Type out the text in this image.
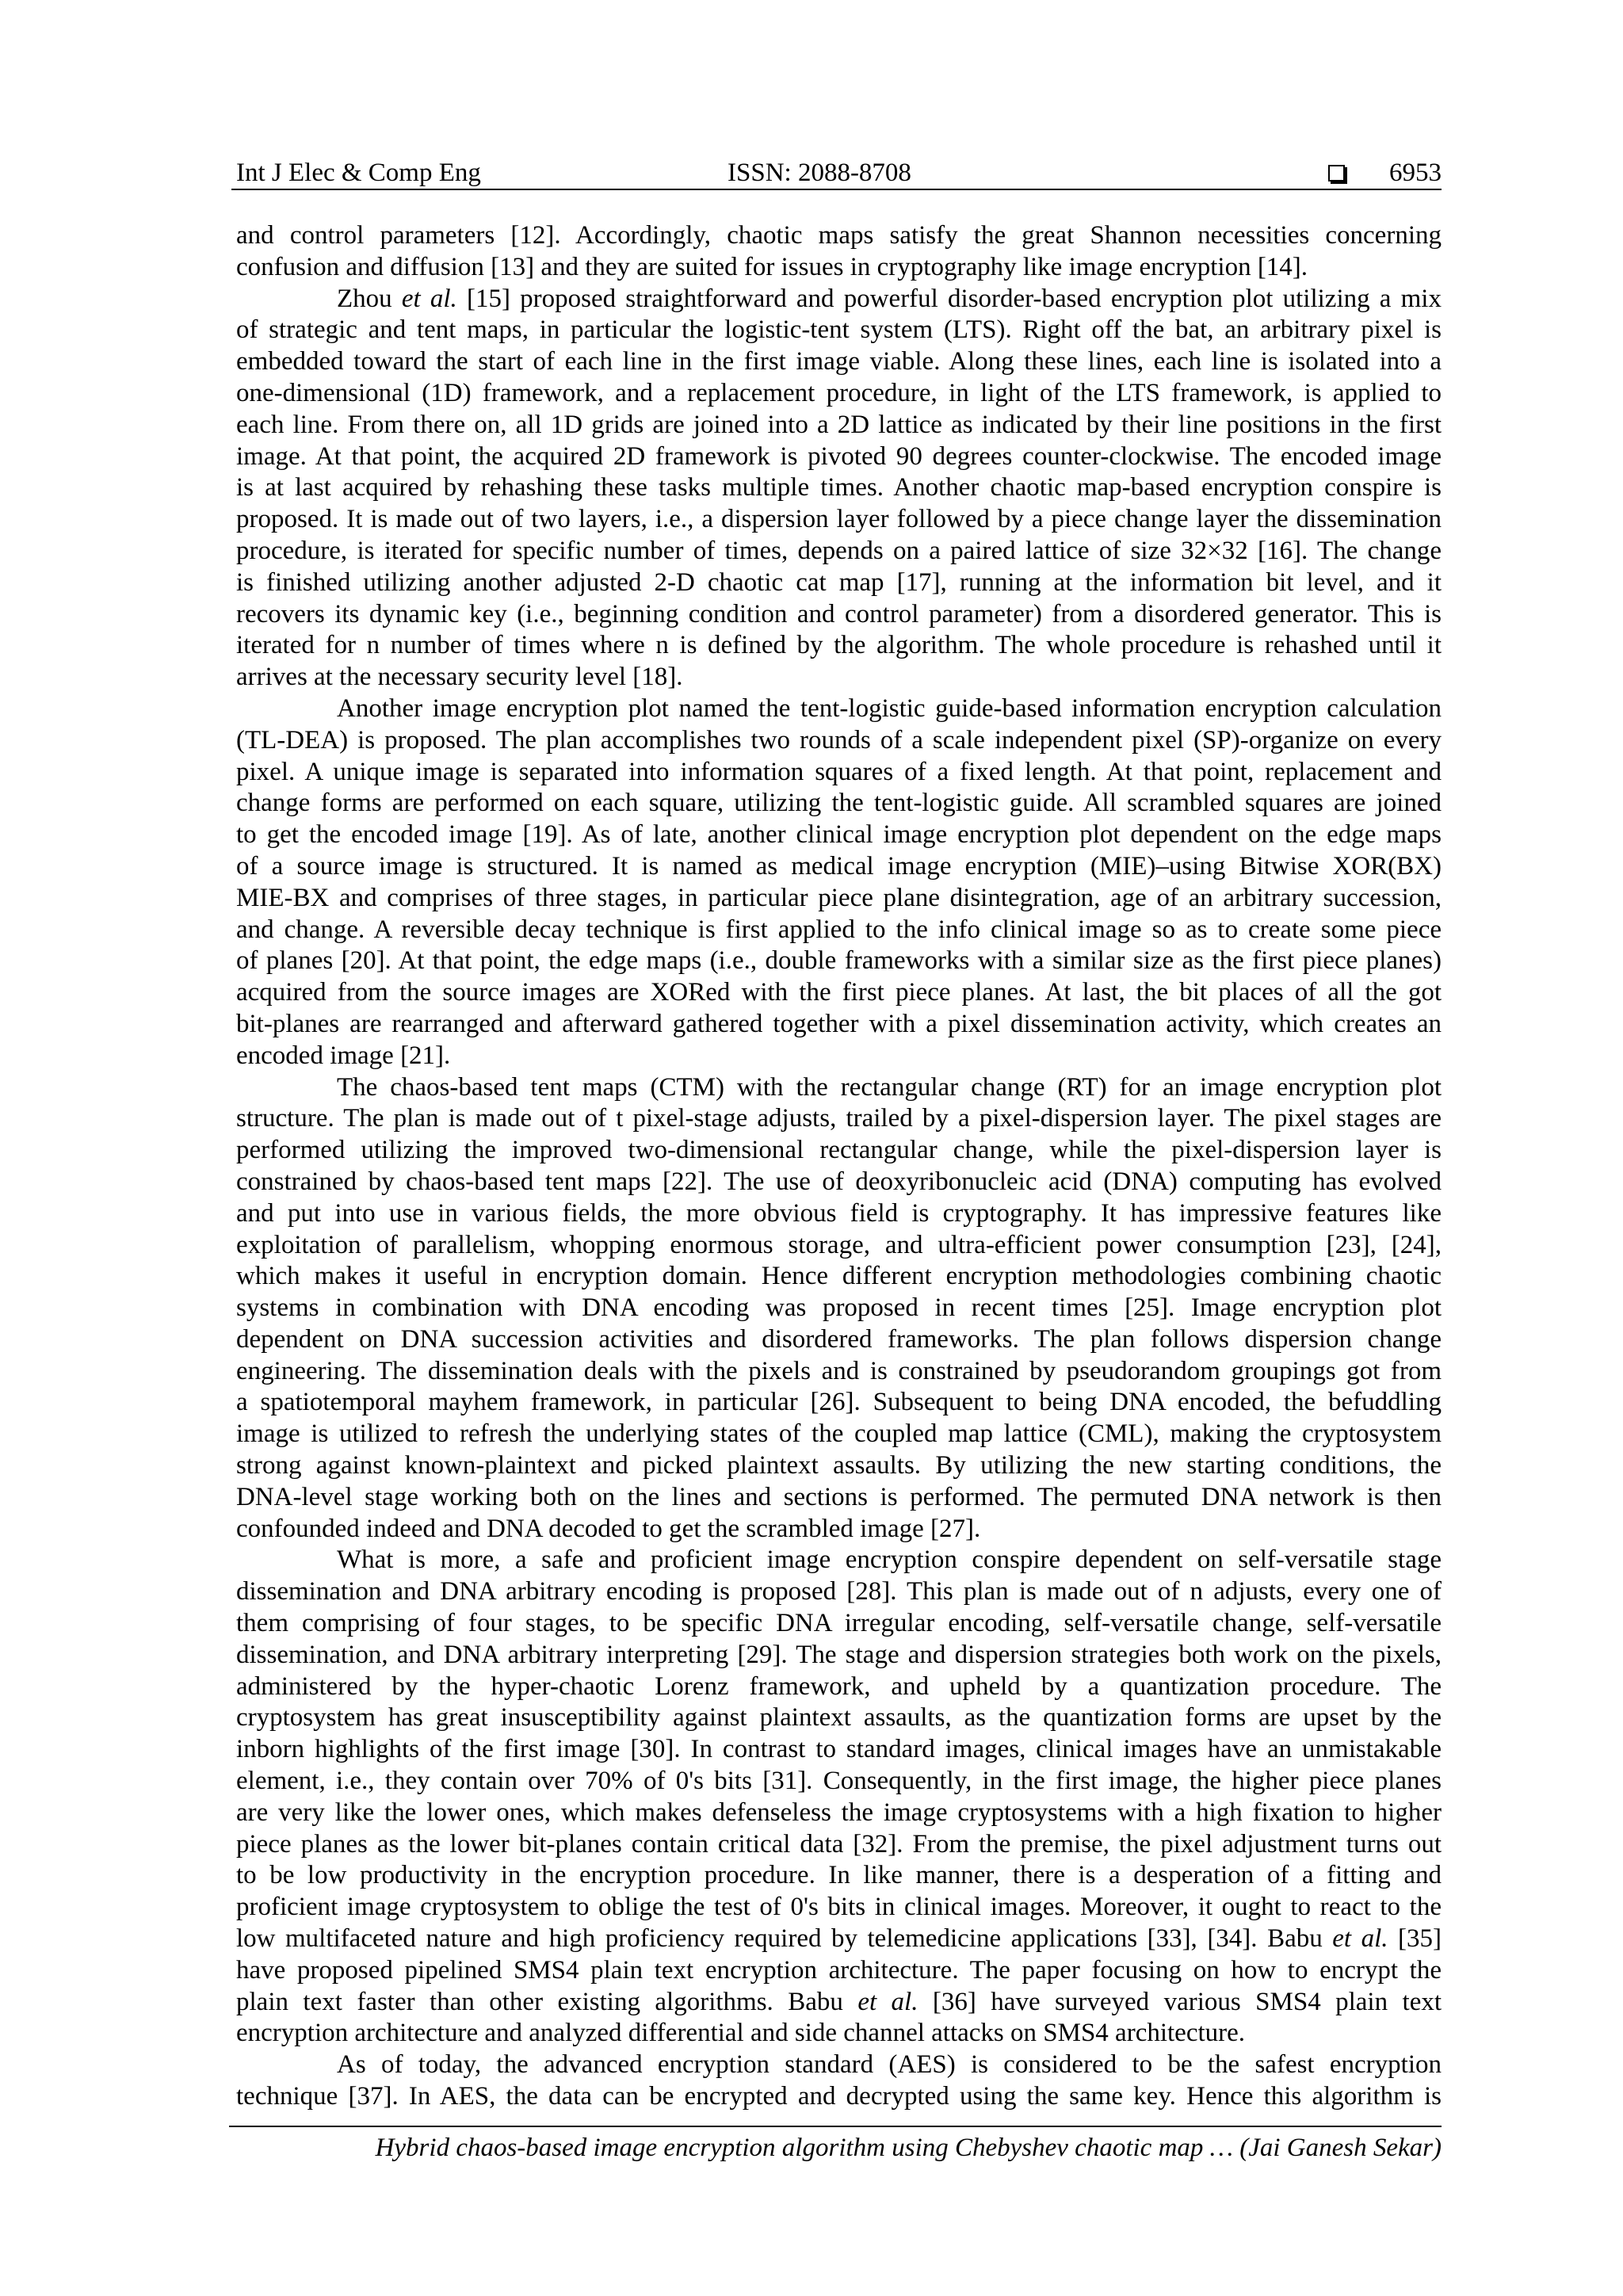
Int J Elec & Comp Eng	ISSN: 2088-8708	6953
and control parameters [12]. Accordingly, chaotic maps satisfy the great Shannon necessities concerning
confusion and diffusion [13] and they are suited for issues in cryptography like image encryption [14].
Zhou et al. [15] proposed straightforward and powerful disorder-based encryption plot utilizing a mix
of strategic and tent maps, in particular the logistic-tent system (LTS). Right off the bat, an arbitrary pixel is
embedded toward the start of each line in the first image viable. Along these lines, each line is isolated into a
one-dimensional (1D) framework, and a replacement procedure, in light of the LTS framework, is applied to
each line. From there on, all 1D grids are joined into a 2D lattice as indicated by their line positions in the first
image. At that point, the acquired 2D framework is pivoted 90 degrees counter-clockwise. The encoded image
is at last acquired by rehashing these tasks multiple times. Another chaotic map-based encryption conspire is
proposed. It is made out of two layers, i.e., a dispersion layer followed by a piece change layer the dissemination
procedure, is iterated for specific number of times, depends on a paired lattice of size 32×32 [16]. The change
is finished utilizing another adjusted 2-D chaotic cat map [17], running at the information bit level, and it
recovers its dynamic key (i.e., beginning condition and control parameter) from a disordered generator. This is
iterated for n number of times where n is defined by the algorithm. The whole procedure is rehashed until it
arrives at the necessary security level [18].
Another image encryption plot named the tent-logistic guide-based information encryption calculation
(TL-DEA) is proposed. The plan accomplishes two rounds of a scale independent pixel (SP)-organize on every
pixel. A unique image is separated into information squares of a fixed length. At that point, replacement and
change forms are performed on each square, utilizing the tent-logistic guide. All scrambled squares are joined
to get the encoded image [19]. As of late, another clinical image encryption plot dependent on the edge maps
of a source image is structured. It is named as medical image encryption (MIE)–using Bitwise XOR(BX)
MIE-BX and comprises of three stages, in particular piece plane disintegration, age of an arbitrary succession,
and change. A reversible decay technique is first applied to the info clinical image so as to create some piece
of planes [20]. At that point, the edge maps (i.e., double frameworks with a similar size as the first piece planes)
acquired from the source images are XORed with the first piece planes. At last, the bit places of all the got
bit-planes are rearranged and afterward gathered together with a pixel dissemination activity, which creates an
encoded image [21].
The chaos-based tent maps (CTM) with the rectangular change (RT) for an image encryption plot
structure. The plan is made out of t pixel-stage adjusts, trailed by a pixel-dispersion layer. The pixel stages are
performed utilizing the improved two-dimensional rectangular change, while the pixel-dispersion layer is
constrained by chaos-based tent maps [22]. The use of deoxyribonucleic acid (DNA) computing has evolved
and put into use in various fields, the more obvious field is cryptography. It has impressive features like
exploitation of parallelism, whopping enormous storage, and ultra-efficient power consumption [23], [24],
which makes it useful in encryption domain. Hence different encryption methodologies combining chaotic
systems in combination with DNA encoding was proposed in recent times [25]. Image encryption plot
dependent on DNA succession activities and disordered frameworks. The plan follows dispersion change
engineering. The dissemination deals with the pixels and is constrained by pseudorandom groupings got from
a spatiotemporal mayhem framework, in particular [26]. Subsequent to being DNA encoded, the befuddling
image is utilized to refresh the underlying states of the coupled map lattice (CML), making the cryptosystem
strong against known-plaintext and picked plaintext assaults. By utilizing the new starting conditions, the
DNA-level stage working both on the lines and sections is performed. The permuted DNA network is then
confounded indeed and DNA decoded to get the scrambled image [27].
What is more, a safe and proficient image encryption conspire dependent on self-versatile stage
dissemination and DNA arbitrary encoding is proposed [28]. This plan is made out of n adjusts, every one of
them comprising of four stages, to be specific DNA irregular encoding, self-versatile change, self-versatile
dissemination, and DNA arbitrary interpreting [29]. The stage and dispersion strategies both work on the pixels,
administered by the hyper-chaotic Lorenz framework, and upheld by a quantization procedure. The
cryptosystem has great insusceptibility against plaintext assaults, as the quantization forms are upset by the
inborn highlights of the first image [30]. In contrast to standard images, clinical images have an unmistakable
element, i.e., they contain over 70% of 0's bits [31]. Consequently, in the first image, the higher piece planes
are very like the lower ones, which makes defenseless the image cryptosystems with a high fixation to higher
piece planes as the lower bit-planes contain critical data [32]. From the premise, the pixel adjustment turns out
to be low productivity in the encryption procedure. In like manner, there is a desperation of a fitting and
proficient image cryptosystem to oblige the test of 0's bits in clinical images. Moreover, it ought to react to the
low multifaceted nature and high proficiency required by telemedicine applications [33], [34]. Babu et al. [35]
have proposed pipelined SMS4 plain text encryption architecture. The paper focusing on how to encrypt the
plain text faster than other existing algorithms. Babu et al. [36] have surveyed various SMS4 plain text
encryption architecture and analyzed differential and side channel attacks on SMS4 architecture.
As of today, the advanced encryption standard (AES) is considered to be the safest encryption
technique [37]. In AES, the data can be encrypted and decrypted using the same key. Hence this algorithm is
Hybrid chaos-based image encryption algorithm using Chebyshev chaotic map … (Jai Ganesh Sekar)
